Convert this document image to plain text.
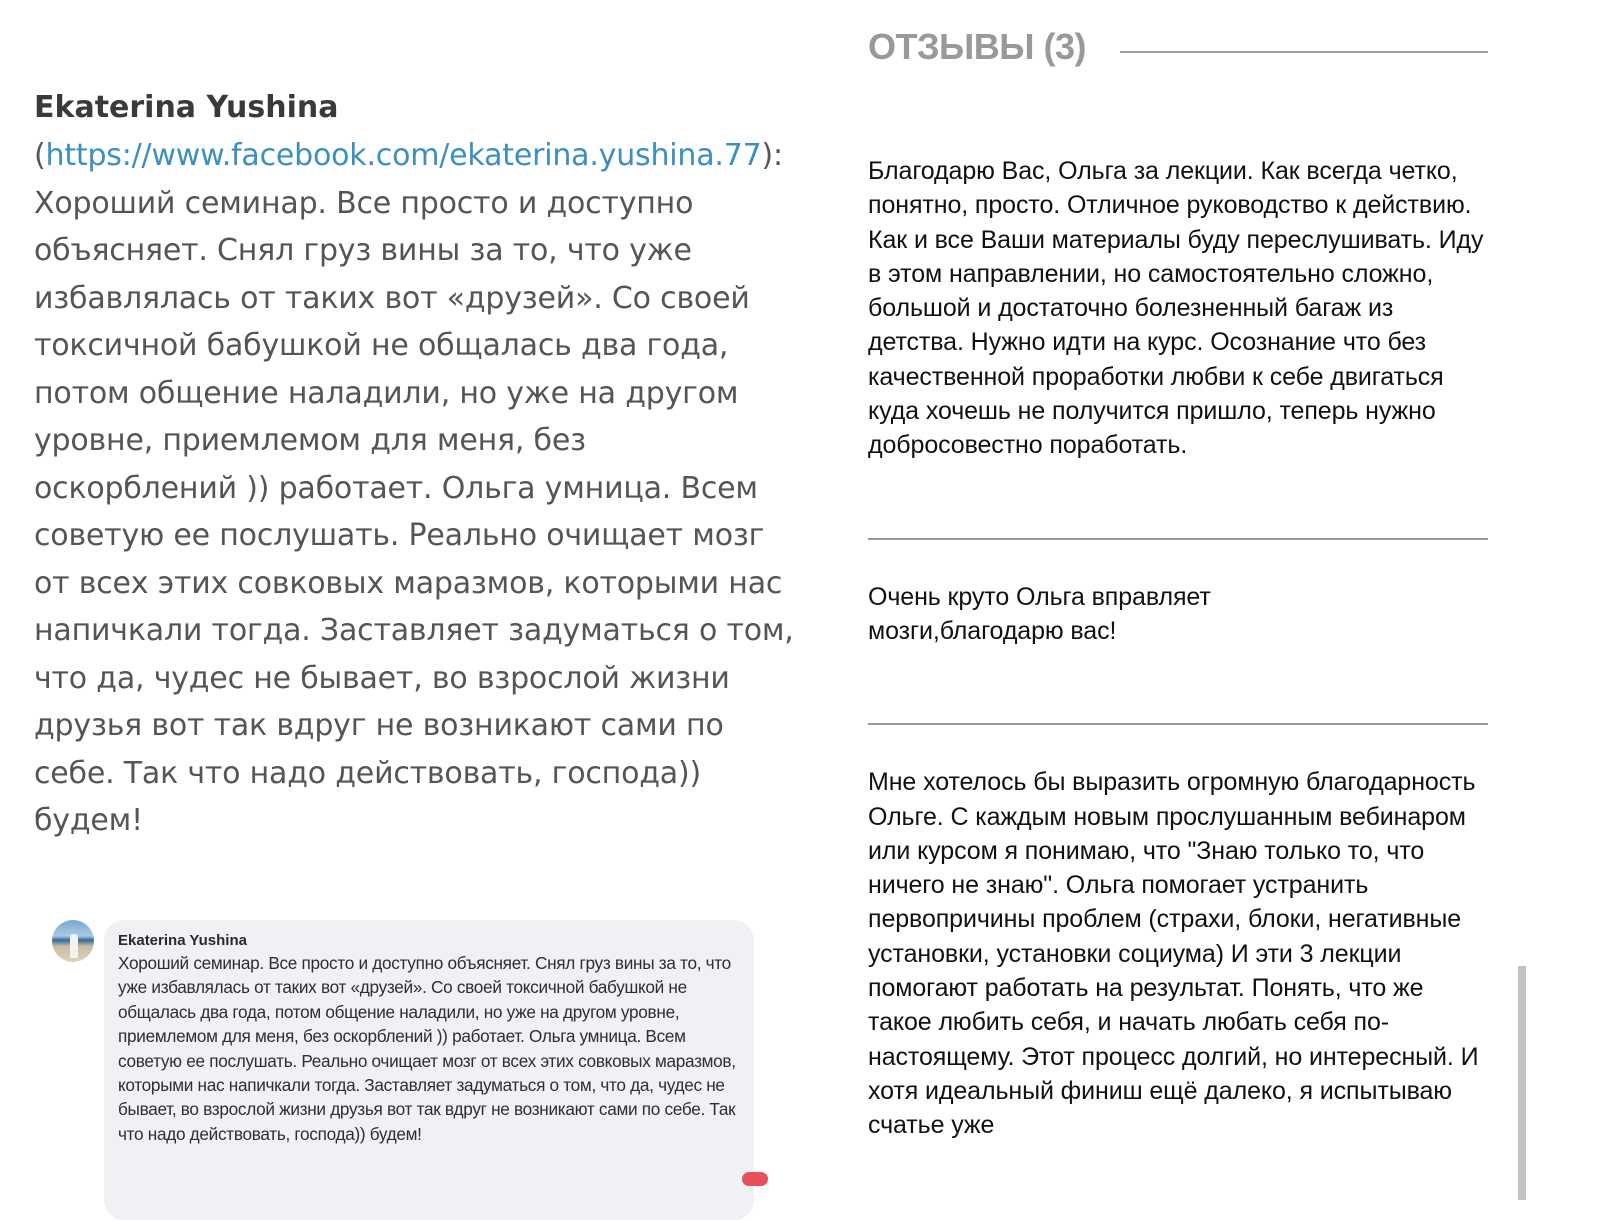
Ekaterina Yushina
(https://www.facebook.com/ekaterina.yushina.77): Хороший семинар. Все просто и доступно объясняет. Снял груз вины за то, что уже избавлялась от таких вот «друзей». Со своей токсичной бабушкой не общалась два года, потом общение наладили, но уже на другом уровне, приемлемом для меня, без оскорблений )) работает. Ольга умница. Всем советую ее послушать. Реально очищает мозг от всех этих совковых маразмов, которыми нас напичкали тогда. Заставляет задуматься о том, что да, чудес не бывает, во взрослой жизни друзья вот так вдруг не возникают сами по себе. Так что надо действовать, господа)) будем!
Ekaterina Yushina
Хороший семинар. Все просто и доступно объясняет. Снял груз вины за то, что уже избавлялась от таких вот «друзей». Со своей токсичной бабушкой не общалась два года, потом общение наладили, но уже на другом уровне, приемлемом для меня, без оскорблений )) работает. Ольга умница. Всем советую ее послушать. Реально очищает мозг от всех этих совковых маразмов, которыми нас напичкали тогда. Заставляет задуматься о том, что да, чудес не бывает, во взрослой жизни друзья вот так вдруг не возникают сами по себе. Так что надо действовать, господа)) будем!
ОТЗЫВЫ (3)
Благодарю Вас, Ольга за лекции. Как всегда четко, понятно, просто. Отличное руководство к действию. Как и все Ваши материалы буду переслушивать. Иду в этом направлении, но самостоятельно сложно, большой и достаточно болезненный багаж из детства. Нужно идти на курс. Осознание что без качественной проработки любви к себе двигаться куда хочешь не получится пришло, теперь нужно добросовестно поработать.
Очень круто Ольга вправляет мозги,благодарю вас!
Мне хотелось бы выразить огромную благодарность Ольге. С каждым новым прослушанным вебинаром или курсом я понимаю, что "Знаю только то, что ничего не знаю". Ольга помогает устранить первопричины проблем (страхи, блоки, негативные установки, установки социума) И эти 3 лекции помогают работать на результат. Понять, что же такое любить себя, и начать любать себя по-настоящему. Этот процесс долгий, но интересный. И хотя идеальный финиш ещё далеко, я испытываю счатье уже
